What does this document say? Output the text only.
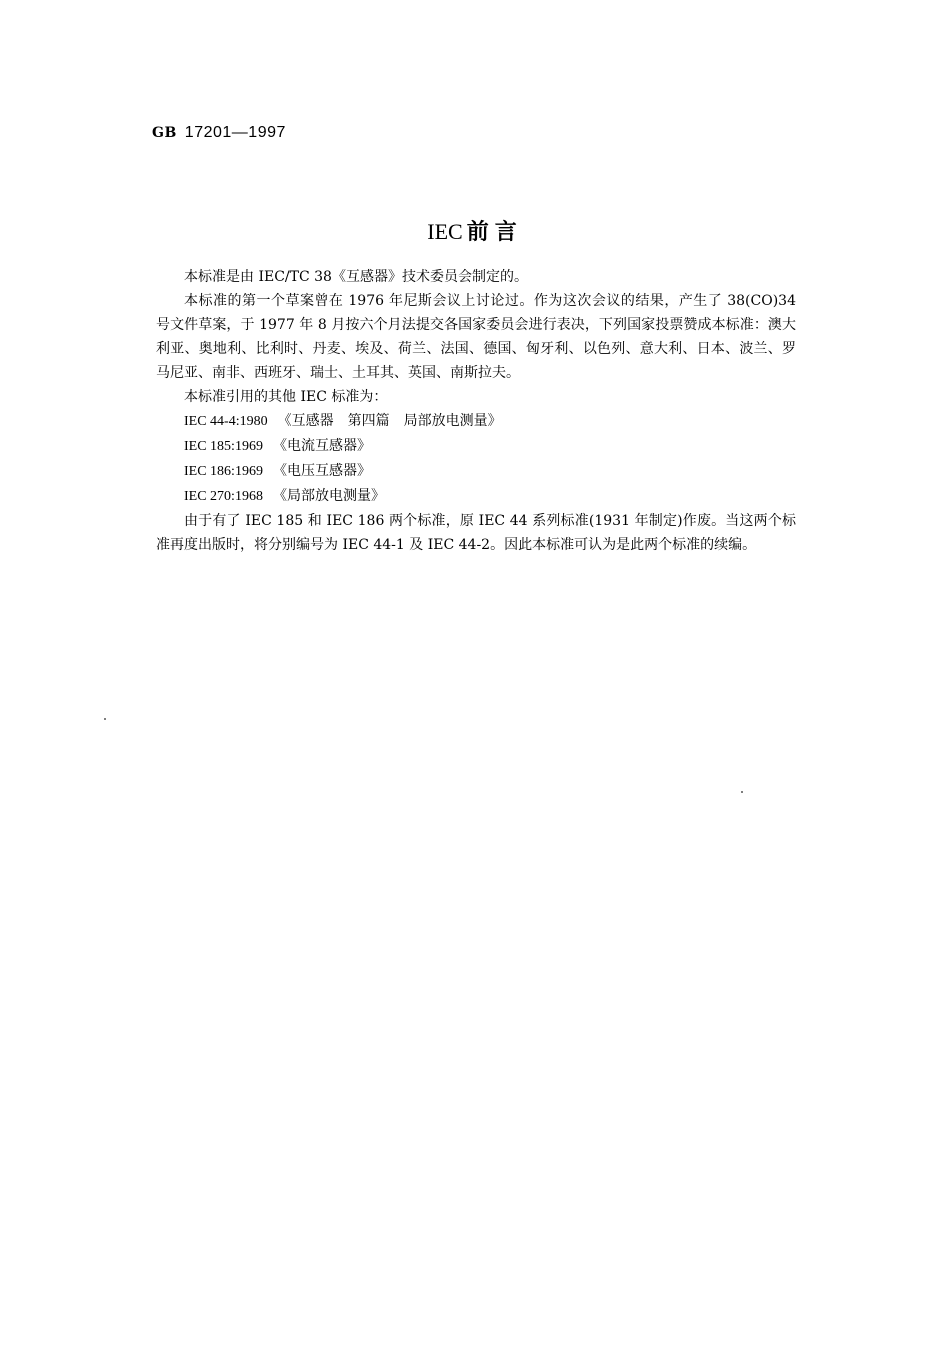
GB 17201—1997
IEC 前言

本标准是由 IEC/TC 38《互感器》技术委员会制定的。

本标准的第一个草案曾在 1976 年尼斯会议上讨论过。作为这次会议的结果，产生了 38(CO)34 号文件草案，于 1977 年 8 月按六个月法提交各国家委员会进行表决，下列国家投票赞成本标准：澳大利亚、奥地利、比利时、丹麦、埃及、荷兰、法国、德国、匈牙利、以色列、意大利、日本、波兰、罗马尼亚、南非、西班牙、瑞士、土耳其、英国、南斯拉夫。

本标准引用的其他 IEC 标准为：

IEC 44-4:1980 《互感器　第四篇　局部放电测量》
IEC 185:1969 《电流互感器》
IEC 186:1969 《电压互感器》
IEC 270:1968 《局部放电测量》

由于有了 IEC 185 和 IEC 186 两个标准，原 IEC 44 系列标准(1931 年制定)作废。当这两个标准再度出版时，将分别编号为 IEC 44-1 及 IEC 44-2。因此本标准可认为是此两个标准的续编。
